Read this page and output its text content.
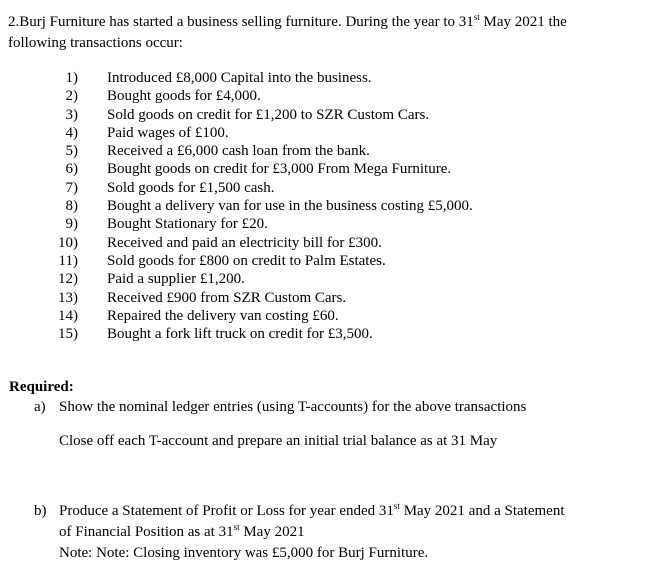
2.Burj Furniture has started a business selling furniture. During the year to 31st May 2021 the
following transactions occur:

1) Introduced £8,000 Capital into the business.
2) Bought goods for £4,000.
3) Sold goods on credit for £1,200 to SZR Custom Cars.
4) Paid wages of £100.
5) Received a £6,000 cash loan from the bank.
6) Bought goods on credit for £3,000 From Mega Furniture.
7) Sold goods for £1,500 cash.
8) Bought a delivery van for use in the business costing £5,000.
9) Bought Stationary for £20.
10) Received and paid an electricity bill for £300.
11) Sold goods for £800 on credit to Palm Estates.
12) Paid a supplier £1,200.
13) Received £900 from SZR Custom Cars.
14) Repaired the delivery van costing £60.
15) Bought a fork lift truck on credit for £3,500.
Required:
a) Show the nominal ledger entries (using T-accounts) for the above transactions
Close off each T-account and prepare an initial trial balance as at 31 May
b) Produce a Statement of Profit or Loss for year ended 31st May 2021 and a Statement
of Financial Position as at 31st May 2021
Note: Note: Closing inventory was £5,000 for Burj Furniture.
